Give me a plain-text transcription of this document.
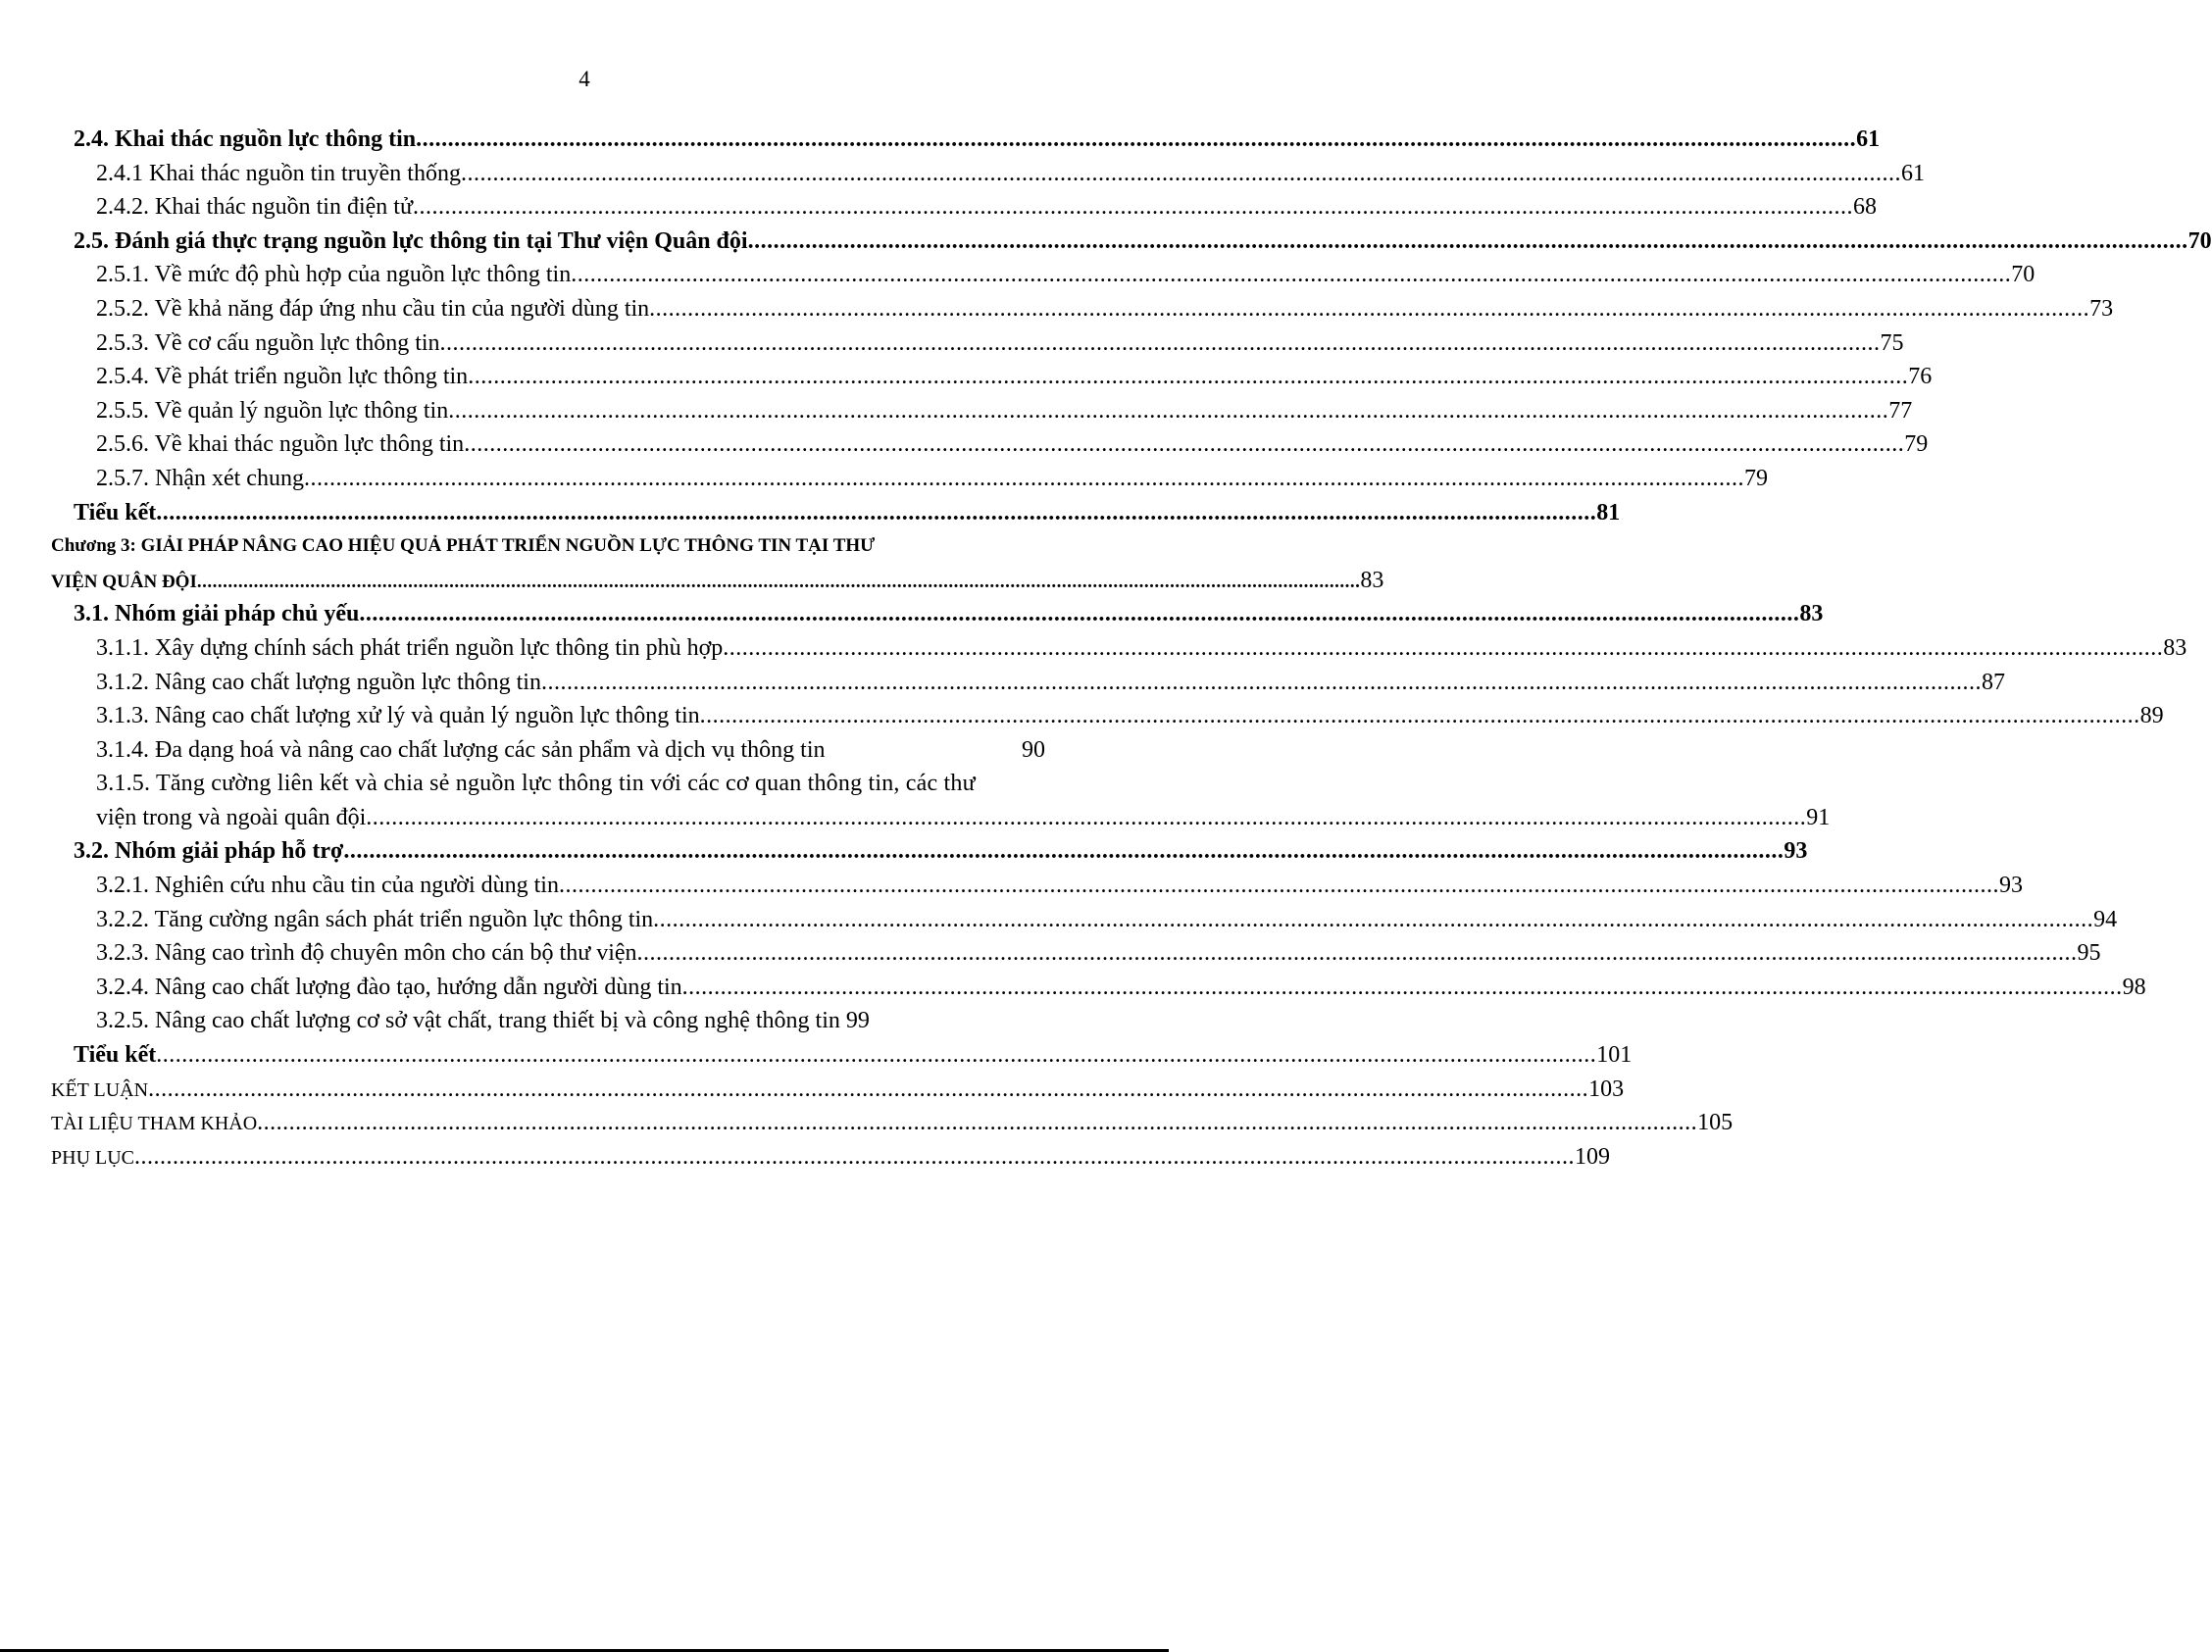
4
2.4. Khai thác nguồn lực thông tin .................................................................................................................................................................................................................................. 61
2.4.1 Khai thác nguồn tin truyền thống .................................................................................................................................................................................................................................. 61
2.4.2. Khai thác nguồn tin điện tử .................................................................................................................................................................................................................................. 68
2.5. Đánh giá thực trạng nguồn lực thông tin tại Thư viện Quân đội .................................................................................................................................................................................................................................. 70
2.5.1. Về mức độ phù hợp của nguồn lực thông tin .................................................................................................................................................................................................................................. 70
2.5.2. Về khả năng đáp ứng nhu cầu tin của người dùng tin .................................................................................................................................................................................................................................. 73
2.5.3. Về cơ cấu nguồn lực thông tin .................................................................................................................................................................................................................................. 75
2.5.4. Về phát triển nguồn lực thông tin .................................................................................................................................................................................................................................. 76
2.5.5. Về quản lý nguồn lực thông tin .................................................................................................................................................................................................................................. 77
2.5.6. Về khai thác nguồn lực thông tin .................................................................................................................................................................................................................................. 79
2.5.7. Nhận xét chung .................................................................................................................................................................................................................................. 79
Tiểu kết .................................................................................................................................................................................................................................. 81
Chương 3: GIẢI PHÁP NÂNG CAO HIỆU QUẢ PHÁT TRIỂN NGUỒN LỰC THÔNG TIN TẠI THƯ
VIỆN QUÂN ĐỘI .................................................................................................................................................................................................................................. 83
3.1. Nhóm giải pháp chủ yếu .................................................................................................................................................................................................................................. 83
3.1.1. Xây dựng chính sách phát triển nguồn lực thông tin phù hợp .................................................................................................................................................................................................................................. 83
3.1.2. Nâng cao chất lượng nguồn lực thông tin .................................................................................................................................................................................................................................. 87
3.1.3. Nâng cao chất lượng xử lý và quản lý nguồn lực thông tin .................................................................................................................................................................................................................................. 89
3.1.4. Đa dạng hoá và nâng cao chất lượng các sản phẩm và dịch vụ thông tin	90
3.1.5. Tăng cường liên kết và chia sẻ nguồn lực thông tin với các cơ quan thông tin, các thư
viện trong và ngoài quân đội .................................................................................................................................................................................................................................. 91
3.2. Nhóm giải pháp hỗ trợ .................................................................................................................................................................................................................................. 93
3.2.1. Nghiên cứu nhu cầu tin của người dùng tin .................................................................................................................................................................................................................................. 93
3.2.2. Tăng cường ngân sách phát triển nguồn lực thông tin .................................................................................................................................................................................................................................. 94
3.2.3. Nâng cao trình độ chuyên môn cho cán bộ thư viện .................................................................................................................................................................................................................................. 95
3.2.4. Nâng cao chất lượng đào tạo, hướng dẫn người dùng tin .................................................................................................................................................................................................................................. 98
3.2.5. Nâng cao chất lượng cơ sở vật chất, trang thiết bị và công nghệ thông tin 99
Tiểu kết .................................................................................................................................................................................................................................. 101
KẾT LUẬN .................................................................................................................................................................................................................................. 103
TÀI LIỆU THAM KHẢO .................................................................................................................................................................................................................................. 105
PHỤ LỤC .................................................................................................................................................................................................................................. 109
